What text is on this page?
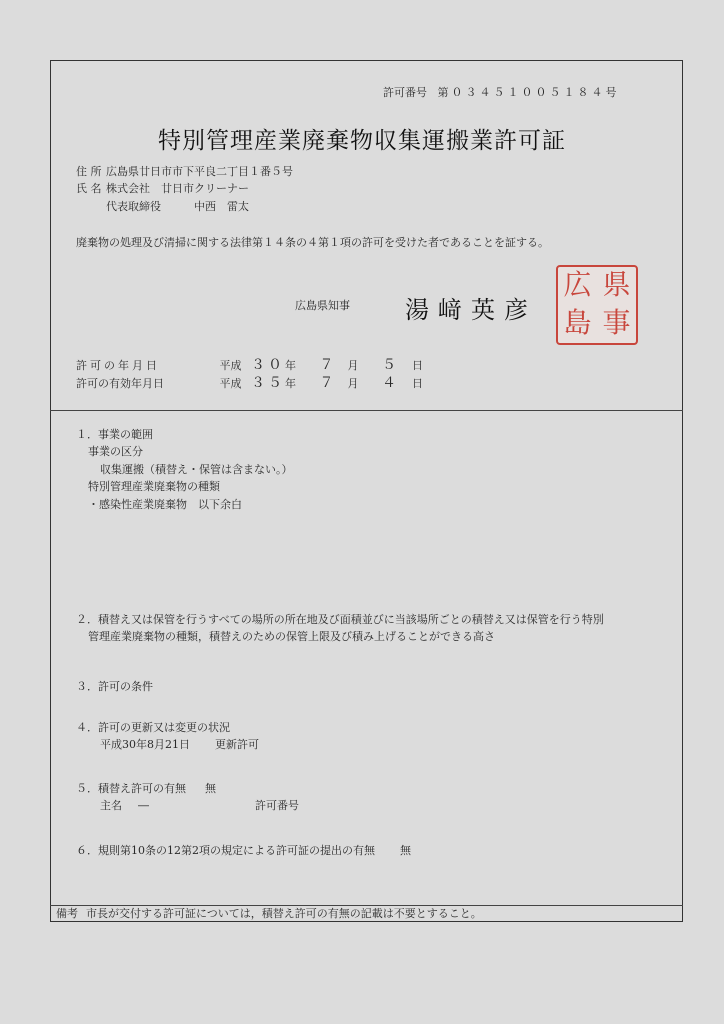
許可番号 第０３４５１００５１８４号
特別管理産業廃棄物収集運搬業許可証
住 所 広島県廿日市市下平良二丁目１番５号
氏 名 株式会社　廿日市クリーナー
代表取締役　　　中西　雷太
廃棄物の処理及び清掃に関する法律第１４条の４第１項の許可を受けた者であることを証する。
広島県知事 湯﨑英彦
広 県
島 事
許可の年月日	平成 ３０年 ７ 月 ５ 日
許可の有効年月日	平成 ３５年 ７ 月 ４ 日
１．事業の範囲
事業の区分
収集運搬（積替え・保管は含まない。）
特別管理産業廃棄物の種類
・感染性産業廃棄物　以下余白
２．積替え又は保管を行うすべての場所の所在地及び面積並びに当該場所ごとの積替え又は保管を行う特別
管理産業廃棄物の種類，積替えのための保管上限及び積み上げることができる高さ
３．許可の条件
４．許可の更新又は変更の状況
平成30年8月21日 更新許可
５．積替え許可の有無 無
主名 ―	許可番号
６．規則第10条の12第2項の規定による許可証の提出の有無 無
備考 市長が交付する許可証については，積替え許可の有無の記載は不要とすること。
